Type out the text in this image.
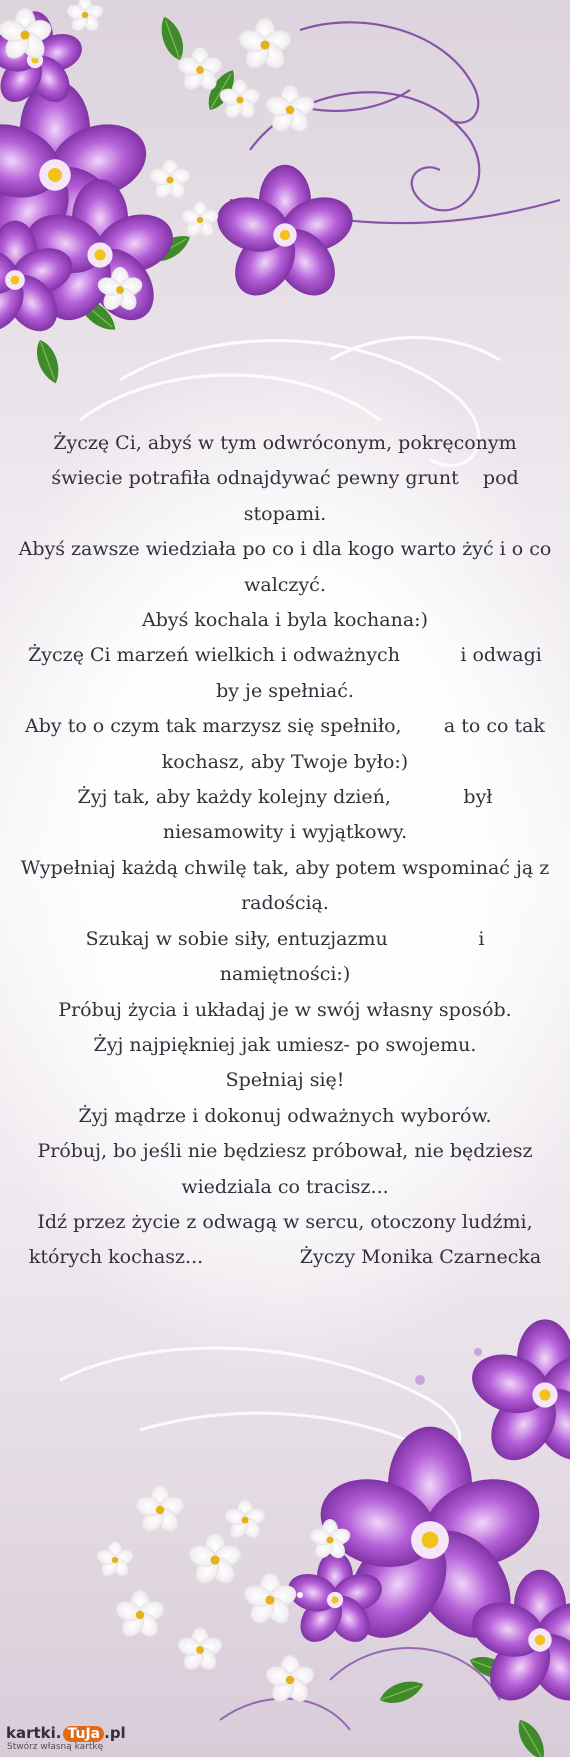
Życzę Ci, abyś w tym odwróconym, pokręconym świecie potrafiła odnajdywać pewny grunt    pod stopami.
Abyś zawsze wiedziała po co i dla kogo warto żyć i o co walczyć.
Abyś kochala i byla kochana:)
Życzę Ci marzeń wielkich i odważnych          i odwagi by je spełniać.
Aby to o czym tak marzysz się spełniło,       a to co tak kochasz, aby Twoje było:)
Żyj tak, aby każdy kolejny dzień,            był niesamowity i wyjątkowy.
Wypełniaj każdą chwilę tak, aby potem wspominać ją z radością.
Szukaj w sobie siły, entuzjazmu               i namiętności:)
Próbuj życia i układaj je w swój własny sposób.
Żyj najpiękniej jak umiesz- po swojemu.
Spełniaj się!
Żyj mądrze i dokonuj odważnych wyborów.
Próbuj, bo jeśli nie będziesz próbował, nie będziesz wiedziala co tracisz...
Idź przez życie z odwagą w sercu, otoczony ludźmi, których kochasz...                Życzy Monika Czarnecka
kartki. TuJa .pl
Stwórz własną kartkę
